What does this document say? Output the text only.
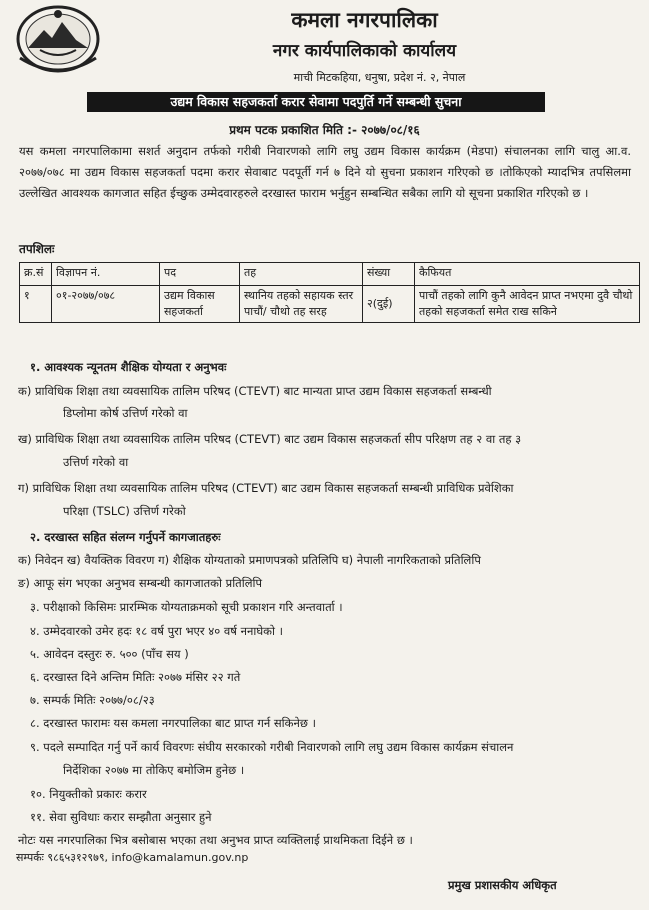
कमला नगरपालिका
नगर कार्यपालिकाको कार्यालय
माची मिटकहिया, धनुषा, प्रदेश नं. २, नेपाल
उद्यम विकास सहजकर्ता करार सेवामा पदपुर्ति गर्ने सम्बन्धी सुचना
प्रथम पटक प्रकाशित मिति :- २०७७/०८/१६
यस कमला नगरपालिकामा सशर्त अनुदान तर्फको गरीबी निवारणको लागि लघु उद्यम विकास कार्यक्रम (मेडपा) संचालनका लागि चालु आ.व. २०७७/०७८ मा उद्यम विकास सहजकर्ता पदमा करार सेवाबाट पदपूर्ती गर्न ७ दिने यो सुचना प्रकाशन गरिएको छ ।तोकिएको म्यादभित्र तपसिलमा उल्लेखित आवश्यक कागजात सहित ईच्छुक उम्मेदवारहरुले दरखास्त फाराम भर्नुहुन सम्बन्धित सबैका लागि यो सूचना प्रकाशित गरिएको छ ।
तपशिलः
क्र.सं	विज्ञापन नं.	पद	तह	संख्या	कैफियत
१	०१-२०७७/०७८	उद्यम विकास सहजकर्ता	स्थानिय तहको सहायक स्तर पाचौं/ चौथो तह सरह	२(दुई)	पाचौं तहको लागि कुनै आवेदन प्राप्त नभएमा दुवै चौथो तहको सहजकर्ता समेत राख सकिने
१. आवश्यक न्यूनतम शैक्षिक योग्यता र अनुभवः
क) प्राविधिक शिक्षा तथा व्यवसायिक तालिम परिषद (CTEVT) बाट मान्यता प्राप्त उद्यम विकास सहजकर्ता सम्बन्धी
डिप्लोमा कोर्ष उत्तिर्ण गरेको वा
ख) प्राविधिक शिक्षा तथा व्यवसायिक तालिम परिषद (CTEVT) बाट उद्यम विकास सहजकर्ता सीप परिक्षण तह २ वा तह ३
उत्तिर्ण गरेको वा
ग) प्राविधिक शिक्षा तथा व्यवसायिक तालिम परिषद (CTEVT) बाट उद्यम विकास सहजकर्ता सम्बन्धी प्राविधिक प्रवेशिका
परिक्षा (TSLC) उत्तिर्ण गरेको
२. दरखास्त सहित संलग्न गर्नुपर्ने कागजातहरुः
क) निवेदन ख) वैयक्तिक विवरण ग) शैक्षिक योग्यताको प्रमाणपत्रको प्रतिलिपि घ) नेपाली नागरिकताको प्रतिलिपि
ङ) आफू संग भएका अनुभव सम्बन्धी कागजातको प्रतिलिपि
३. परीक्षाको किसिमः प्रारम्भिक योग्यताक्रमको सूची प्रकाशन गरि अन्तवार्ता ।
४. उम्मेदवारको उमेर हदः १८ वर्ष पुरा भएर ४० वर्ष ननाघेको ।
५. आवेदन दस्तुरः रु. ५०० (पाँच सय )
६. दरखास्त दिने अन्तिम मितिः २०७७ मंसिर २२ गते
७. सम्पर्क मितिः २०७७/०८/२३
८. दरखास्त फारामः यस कमला नगरपालिका बाट प्राप्त गर्न सकिनेछ ।
९. पदले सम्पादित गर्नु पर्ने कार्य विवरणः संघीय सरकारको गरीबी निवारणको लागि लघु उद्यम विकास कार्यक्रम संचालन
निर्देशिका २०७७ मा तोकिए बमोजिम हुनेछ ।
१०. नियुक्तीको प्रकारः करार
११. सेवा सुविधाः करार सम्झौता अनुसार हुने
नोटः यस नगरपालिका भित्र बसोबास भएका तथा अनुभव प्राप्त व्यक्तिलाई प्राथमिकता दिईने छ ।
सम्पर्कः ९८६५३१२९७९, info@kamalamun.gov.np
प्रमुख प्रशासकीय अधिकृत
